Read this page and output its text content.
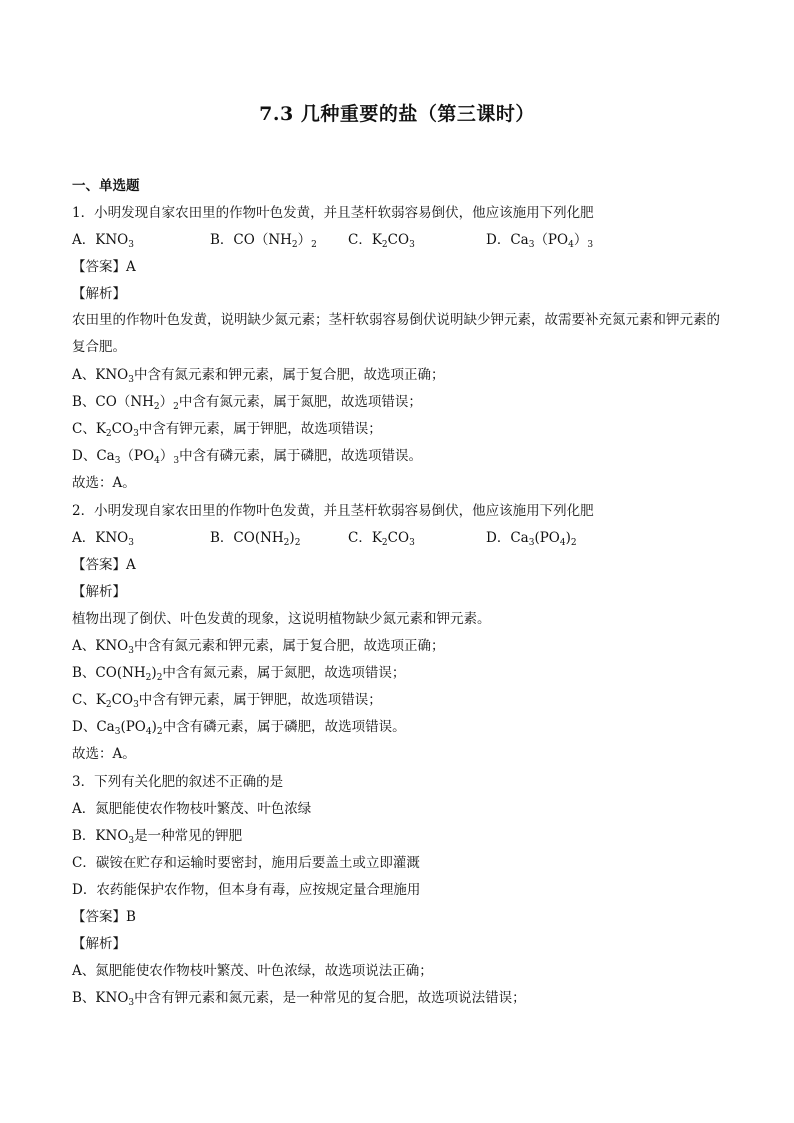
7.3 几种重要的盐（第三课时）
一、单选题
1．小明发现自家农田里的作物叶色发黄，并且茎杆软弱容易倒伏，他应该施用下列化肥
A．$KNO_3$	B．$CO(NH_2)_2$ C．$K_2CO_3$	D．$Ca_3(PO_4)_3$
【答案】A
【解析】
农田里的作物叶色发黄，说明缺少氮元素；茎杆软弱容易倒伏说明缺少钾元素，故需要补充氮元素和钾元素的复合肥。
A、$KNO_3$中含有氮元素和钾元素，属于复合肥，故选项正确；
B、$CO(NH_2)_2$中含有氮元素，属于氮肥，故选项错误；
C、$K_2CO_3$中含有钾元素，属于钾肥，故选项错误；
D、$Ca_3(PO_4)_3$中含有磷元素，属于磷肥，故选项错误。
故选：A。
2．小明发现自家农田里的作物叶色发黄，并且茎杆软弱容易倒伏，他应该施用下列化肥
A．$KNO_3$	B．$CO(NH_2)_2$	C．$K_2CO_3$	D．$Ca_3(PO_4)_2$
【答案】A
【解析】
植物出现了倒伏、叶色发黄的现象，这说明植物缺少氮元素和钾元素。
A、$KNO_3$中含有氮元素和钾元素，属于复合肥，故选项正确；
B、$CO(NH_2)_2$中含有氮元素，属于氮肥，故选项错误；
C、$K_2CO_3$中含有钾元素，属于钾肥，故选项错误；
D、$Ca_3(PO_4)_2$中含有磷元素，属于磷肥，故选项错误。
故选：A。
3．下列有关化肥的叙述不正确的是
A．氮肥能使农作物枝叶繁茂、叶色浓绿
B．$KNO_3$是一种常见的钾肥
C．碳铵在贮存和运输时要密封，施用后要盖土或立即灌溉
D．农药能保护农作物，但本身有毒，应按规定量合理施用
【答案】B
【解析】
A、氮肥能使农作物枝叶繁茂、叶色浓绿，故选项说法正确；
B、$KNO_3$中含有钾元素和氮元素，是一种常见的复合肥，故选项说法错误；
